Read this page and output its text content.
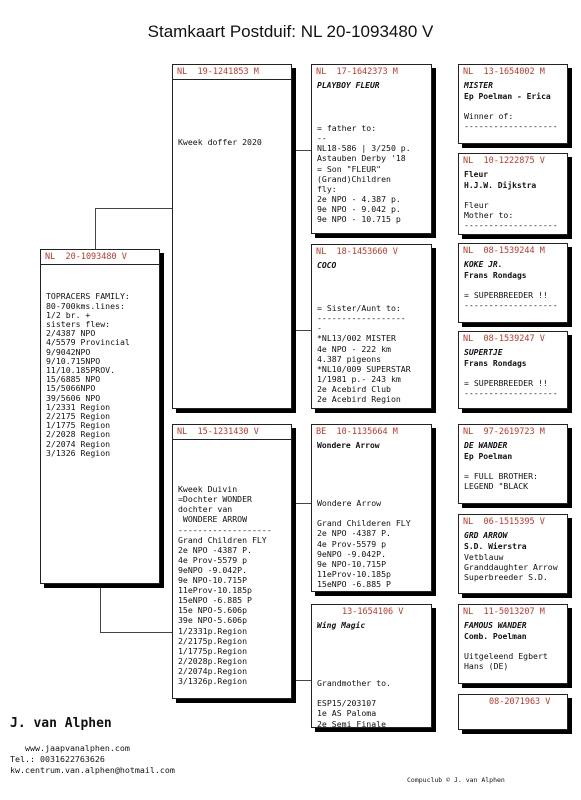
Stamkaart Postduif: NL 20-1093480 V
NL  20-1093480 V

TOPRACERS FAMILY:
80-700kms.lines:
1/2 br. +
sisters flew:
2/4387 NPO
4/5579 Provincial
9/9042NPO
9/10.715NPO
11/10.185PROV.
15/6885 NPO
15/5066NPO
39/5606 NPO
1/2331 Region
2/2175 Region
1/1775 Region
2/2028 Region
2/2074 Region
3/1326 Region

NL  19-1241853 M
Kweek doffer 2020
NL  15-1231430 V

Kweek Duivin
=Dochter WONDER
dochter van
WONDERE ARROW
-------------------
Grand Children FLY
2e NPO -4387 P.
4e Prov-5579 p
9eNPO -9.042P.
9e NPO-10.715P
11eProv-10.185p
15eNPO -6.885 P
15e NPO-5.606p
39e NPO-5.606p
1/2331p.Region
2/2175p.Region
1/1775p.Region
2/2028p.Region
2/2074p.Region
3/1326p.Region

NL  17-1642373 M
PLAYBOY FLEUR

= father to:
--
NL18-586 | 3/250 p.
Astauben Derby '18
= Son "FLEUR"
(Grand)Children
fly:
2e NPO - 4.387 p.
9e NPO - 9.042 p.
9e NPO - 10.715 p

NL  18-1453660 V
COCO

= Sister/Aunt to:
------------------
-
*NL13/002 MISTER
4e NPO - 222 km
4.387 pigeons
*NL10/009 SUPERSTAR
1/1981 p.- 243 km
2e Acebird Club
2e Acebird Region

BE  10-1135664 M
Wondere Arrow

Wondere Arrow
Grand Childeren FLY
2e NPO -4387 P.
4e Prov-5579 p
9eNPO -9.042P.
9e NPO-10.715P
11eProv-10.185p
15eNPO -6.885 P

13-1654106 V
Wing Magic

Grandmother to.
ESP15/203107
1e AS Paloma
2e Semi Finale

NL  13-1654002 M
MISTER
Ep Poelman - Erica
Winner of:
-------------------
NL  10-1222875 V
Fleur
H.J.W. Dijkstra
Fleur
Mother to:
-------------------
NL  08-1539244 M
KOKE JR.
Frans Rondags
= SUPERBREEDER !!
-------------------
NL  08-1539247 V
SUPERTJE
Frans Rondags
= SUPERBREEDER !!
-------------------
NL  97-2619723 M
DE WANDER
Ep Poelman
= FULL BROTHER:
LEGEND "BLACK
NL  06-1515395 V
GRD ARROW
S.D. Wierstra
Vetblauw
Granddaughter Arrow
Superbreeder S.D.
NL  11-5013207 M
FAMOUS WANDER
Comb. Poelman
Uitgeleend Egbert
Hans (DE)
08-2071963 V
J. van Alphen
www.jaapvanalphen.com
Tel.: 0031622763626
kw.centrum.van.alphen@hotmail.com
Compuclub © J. van Alphen
